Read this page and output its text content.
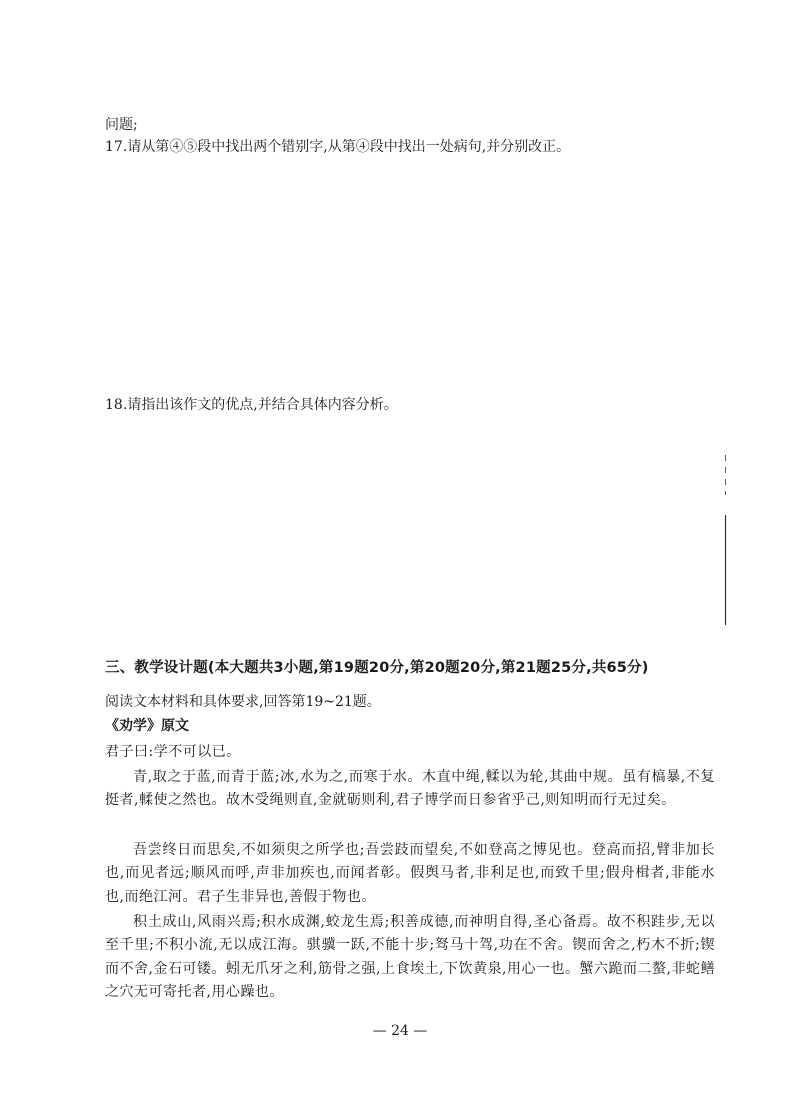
问题;
17.请从第④⑤段中找出两个错别字,从第④段中找出一处病句,并分别改正。
18.请指出该作文的优点,并结合具体内容分析。
三、教学设计题(本大题共3小题,第19题20分,第20题20分,第21题25分,共65分)
阅读文本材料和具体要求,回答第19~21题。
《劝学》原文
君子曰:学不可以已。
青,取之于蓝,而青于蓝;冰,水为之,而寒于水。木直中绳,輮以为轮,其曲中规。虽有槁暴,不复挺者,輮使之然也。故木受绳则直,金就砺则利,君子博学而日参省乎己,则知明而行无过矣。
吾尝终日而思矣,不如须臾之所学也;吾尝跂而望矣,不如登高之博见也。登高而招,臂非加长也,而见者远;顺风而呼,声非加疾也,而闻者彰。假舆马者,非利足也,而致千里;假舟楫者,非能水也,而绝江河。君子生非异也,善假于物也。
积土成山,风雨兴焉;积水成渊,蛟龙生焉;积善成德,而神明自得,圣心备焉。故不积跬步,无以至千里;不积小流,无以成江海。骐骥一跃,不能十步;驽马十驾,功在不舍。锲而舍之,朽木不折;锲而不舍,金石可镂。蚓无爪牙之利,筋骨之强,上食埃土,下饮黄泉,用心一也。蟹六跪而二螯,非蛇鳝之穴无可寄托者,用心躁也。
— 24 —
